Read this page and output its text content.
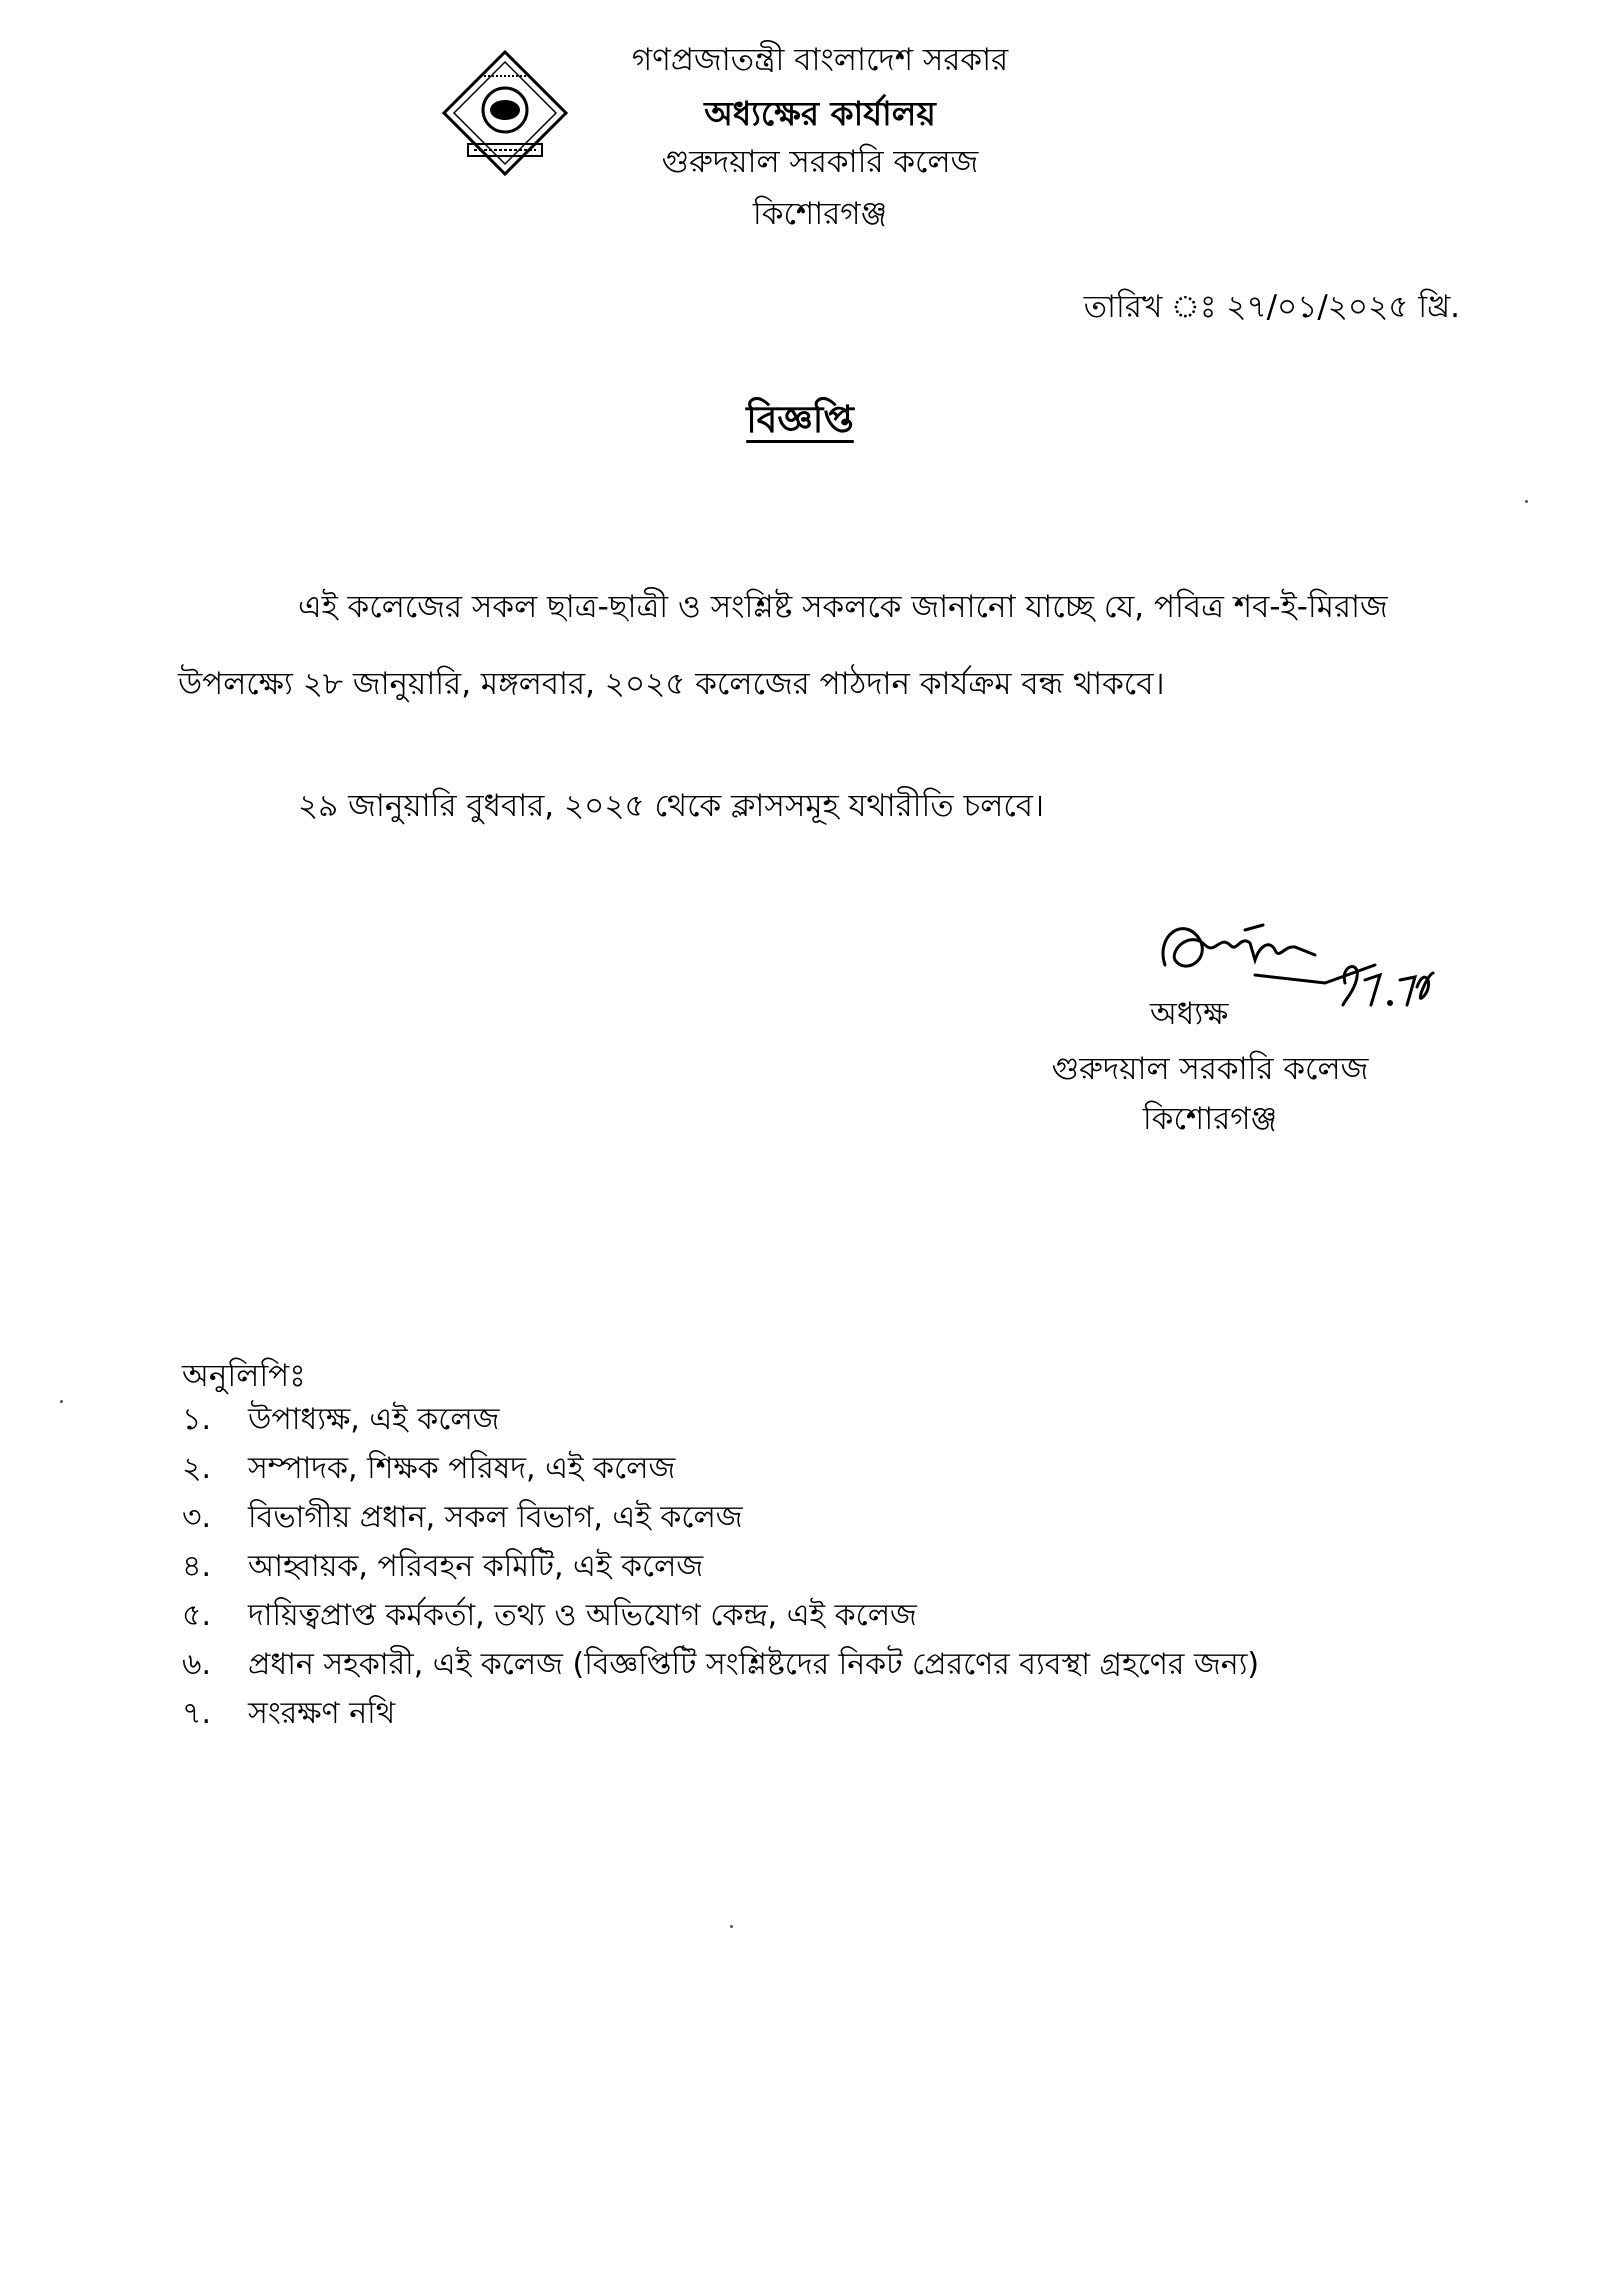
গণপ্রজাতন্ত্রী বাংলাদেশ সরকার
অধ্যক্ষের কার্যালয়
গুরুদয়াল সরকারি কলেজ
কিশোরগঞ্জ
তারিখ ঃ ২৭/০১/২০২৫ খ্রি.
বিজ্ঞপ্তি
এই কলেজের সকল ছাত্র-ছাত্রী ও সংশ্লিষ্ট সকলকে জানানো যাচ্ছে যে, পবিত্র শব-ই-মিরাজ
উপলক্ষ্যে ২৮ জানুয়ারি, মঙ্গলবার, ২০২৫ কলেজের পাঠদান কার্যক্রম বন্ধ থাকবে।
২৯ জানুয়ারি বুধবার, ২০২৫ থেকে ক্লাসসমূহ যথারীতি চলবে।
অধ্যক্ষ
গুরুদয়াল সরকারি কলেজ
কিশোরগঞ্জ
অনুলিপিঃ
১. উপাধ্যক্ষ, এই কলেজ
২. সম্পাদক, শিক্ষক পরিষদ, এই কলেজ
৩. বিভাগীয় প্রধান, সকল বিভাগ, এই কলেজ
৪. আহ্বায়ক, পরিবহন কমিটি, এই কলেজ
৫. দায়িত্বপ্রাপ্ত কর্মকর্তা, তথ্য ও অভিযোগ কেন্দ্র, এই কলেজ
৬. প্রধান সহকারী, এই কলেজ (বিজ্ঞপ্তিটি সংশ্লিষ্টদের নিকট প্রেরণের ব্যবস্থা গ্রহণের জন্য)
৭. সংরক্ষণ নথি
